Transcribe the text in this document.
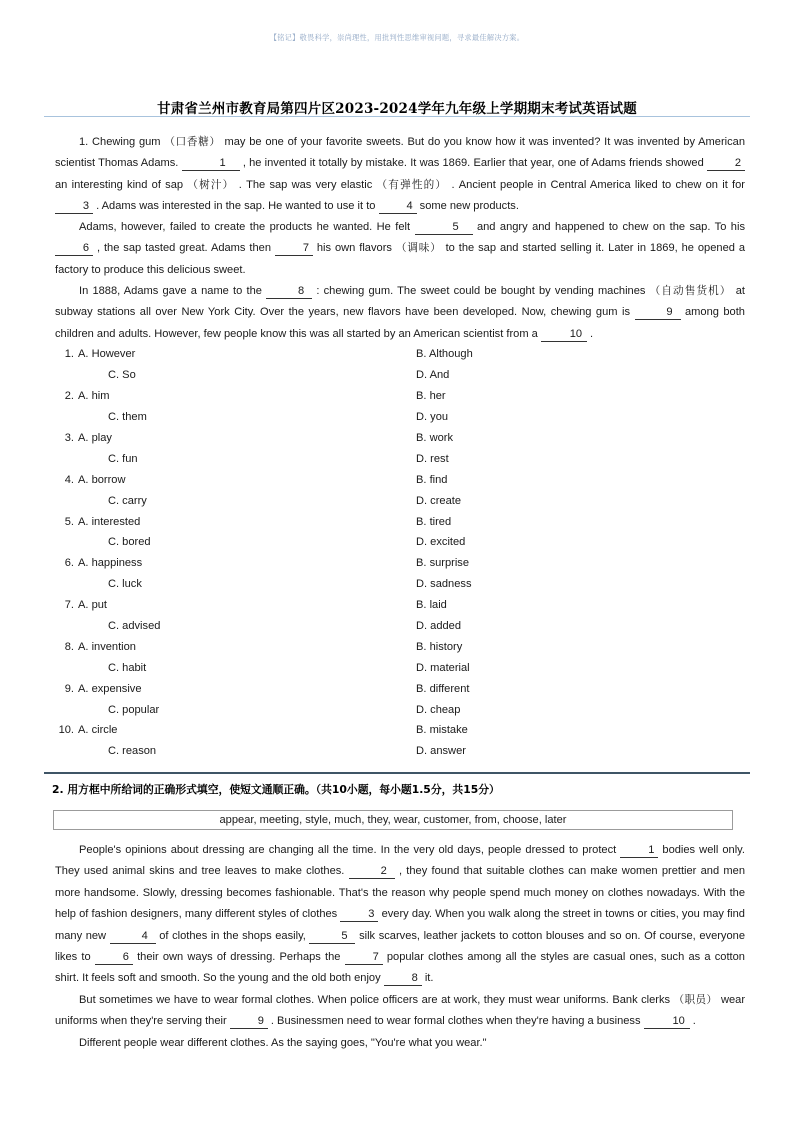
【铭记】敬畏科学，崇尚理性，用批判性思维审视问题，寻求最佳解决方案。
甘肃省兰州市教育局第四片区2023-2024学年九年级上学期期末考试英语试题

1. Chewing gum （口香糖） may be one of your favorite sweets. But do you know how it was invented? It was invented by American scientist Thomas Adams.	1 , he invented it totally by mistake. It was 1869. Earlier that year, one of Adams friends showed	2 an interesting kind of sap （树汁） . The sap was very elastic （有弹性的） . Ancient people in Central America liked to chew on it for 3 . Adams was interested in the sap. He wanted to use it to	4 some new products.

Adams, however, failed to create the products he wanted. He felt	5 and angry and happened to chew on the sap. To his 6 , the sap tasted great. Adams then	7 his own flavors （调味） to the sap and started selling it. Later in 1869, he opened a factory to produce this delicious sweet.

In 1888, Adams gave a name to the	8 : chewing gum. The sweet could be bought by vending machines （自动售货机） at subway stations all over New York City. Over the years, new flavors have been developed. Now, chewing gum is	9 among both children and adults. However, few people know this was all started by an American scientist from a	10 .

1. A. However	B. Although
C. So	D. And
2. A. him	B. her
C. them	D. you
3. A. play	B. work
C. fun	D. rest
4. A. borrow	B. find
C. carry	D. create
5. A. interested	B. tired
C. bored	D. excited
6. A. happiness	B. surprise
C. luck	D. sadness
7. A. put	B. laid
C. advised	D. added
8. A. invention	B. history
C. habit	D. material
9. A. expensive	B. different
C. popular	D. cheap
10. A. circle	B. mistake
C. reason	D. answer
2. 用方框中所给词的正确形式填空，使短文通顺正确。（共10小题，每小题1.5分，共15分）
appear, meeting, style, much, they, wear, customer, from, choose, later

People's opinions about dressing are changing all the time. In the very old days, people dressed to protect	1 bodies well only. They used animal skins and tree leaves to make clothes.	2 , they found that suitable clothes can make women prettier and men more handsome. Slowly, dressing becomes fashionable. That's the reason why people spend much money on clothes nowadays. With the help of fashion designers, many different styles of clothes	3 every day. When you walk along the street in towns or cities, you may find many new	4 of clothes in the shops easily,	5 silk scarves, leather jackets to cotton blouses and so on. Of course, everyone likes to	6 their own ways of dressing. Perhaps the	7 popular clothes among all the styles are casual ones, such as a cotton shirt. It feels soft and smooth. So the young and the old both enjoy	8 it.

But sometimes we have to wear formal clothes. When police officers are at work, they must wear uniforms. Bank clerks （职员） wear uniforms when they're serving their	9 . Businessmen need to wear formal clothes when they're having a business	10 .

Different people wear different clothes. As the saying goes, "You're what you wear."
